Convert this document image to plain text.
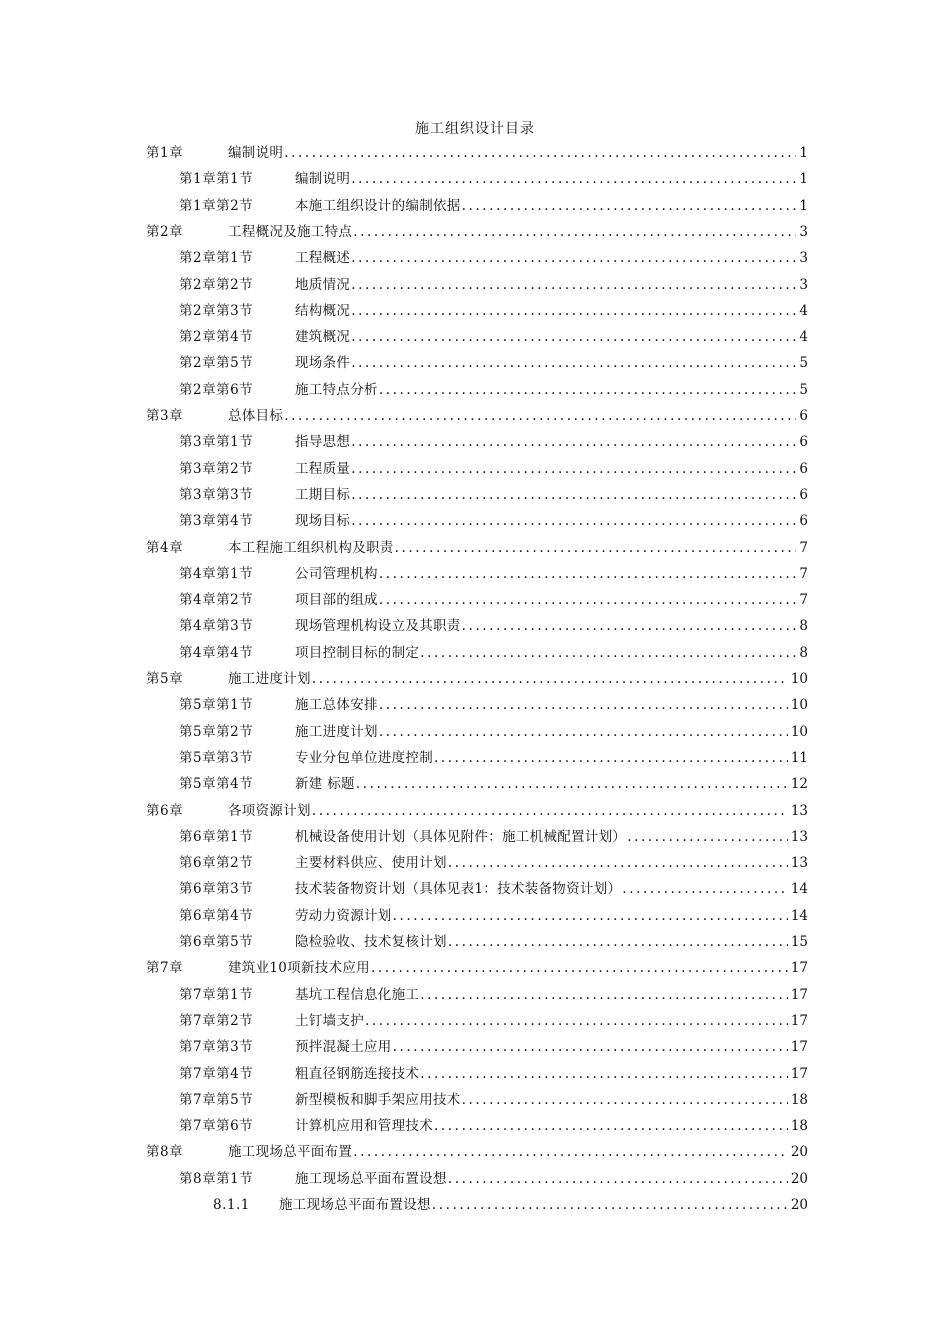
施工组织设计目录
第1章	编制说明 .....	1
第1章第1节	编制说明 .....	1
第1章第2节	本施工组织设计的编制依据 .....	1
第2章	工程概况及施工特点 .....	3
第2章第1节	工程概述 .....	3
第2章第2节	地质情况 .....	3
第2章第3节	结构概况 .....	4
第2章第4节	建筑概况 .....	4
第2章第5节	现场条件 .....	5
第2章第6节	施工特点分析 .....	5
第3章	总体目标 .....	6
第3章第1节	指导思想 .....	6
第3章第2节	工程质量 .....	6
第3章第3节	工期目标 .....	6
第3章第4节	现场目标 .....	6
第4章	本工程施工组织机构及职责 .....	7
第4章第1节	公司管理机构 .....	7
第4章第2节	项目部的组成 .....	7
第4章第3节	现场管理机构设立及其职责 .....	8
第4章第4节	项目控制目标的制定 .....	8
第5章	施工进度计划 .....	10
第5章第1节	施工总体安排 .....	10
第5章第2节	施工进度计划 .....	10
第5章第3节	专业分包单位进度控制 .....	11
第5章第4节	新建 标题 .....	12
第6章	各项资源计划 .....	13
第6章第1节	机械设备使用计划（具体见附件：施工机械配置计划） .....	13
第6章第2节	主要材料供应、使用计划 .....	13
第6章第3节	技术装备物资计划（具体见表1：技术装备物资计划） .....	14
第6章第4节	劳动力资源计划 .....	14
第6章第5节	隐检验收、技术复核计划 .....	15
第7章	建筑业10项新技术应用 .....	17
第7章第1节	基坑工程信息化施工 .....	17
第7章第2节	土钉墙支护 .....	17
第7章第3节	预拌混凝土应用 .....	17
第7章第4节	粗直径钢筋连接技术 .....	17
第7章第5节	新型模板和脚手架应用技术 .....	18
第7章第6节	计算机应用和管理技术 .....	18
第8章	施工现场总平面布置 .....	20
第8章第1节	施工现场总平面布置设想 .....	20
8.1.1	施工现场总平面布置设想 .....	20
